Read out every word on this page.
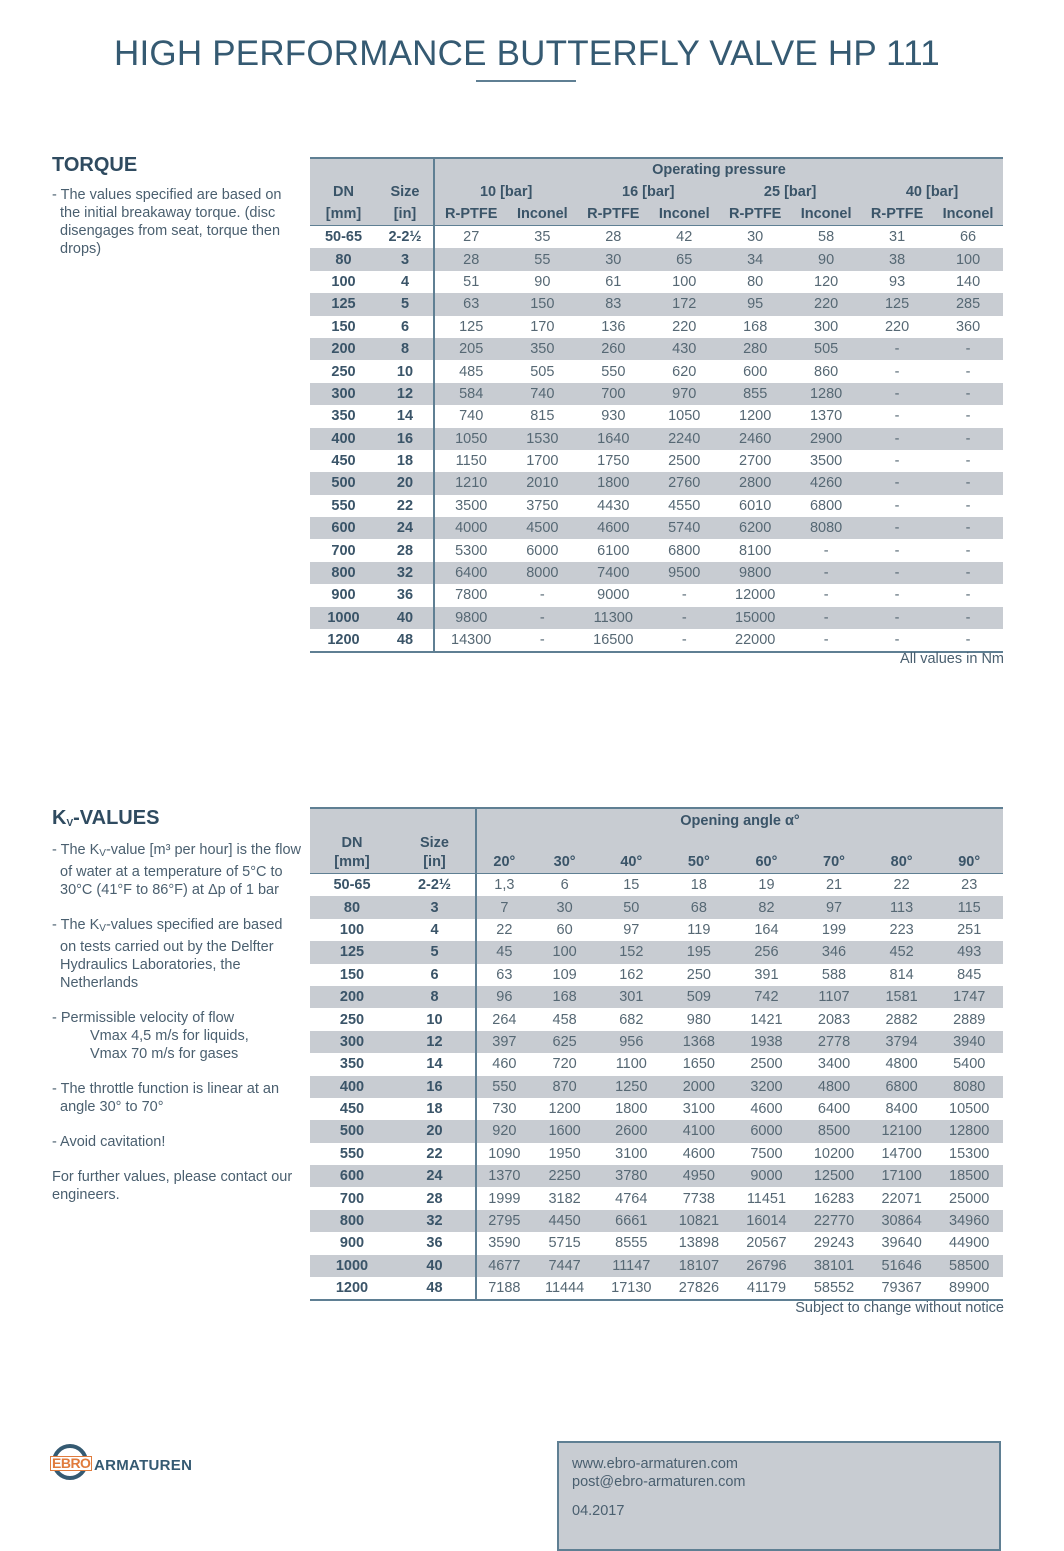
HIGH PERFORMANCE BUTTERFLY VALVE HP 111
TORQUE

- The values specified are based on the initial breakaway torque. (disc disengages from seat, torque then drops)

		Operating pressure							
DN	Size	10 [bar]		16 [bar]		25 [bar]		40 [bar]	
[mm]	[in]	R-PTFE	Inconel	R-PTFE	Inconel	R-PTFE	Inconel	R-PTFE	Inconel
50-65	2-2½	27	35	28	42	30	58	31	66
80	3	28	55	30	65	34	90	38	100
100	4	51	90	61	100	80	120	93	140
125	5	63	150	83	172	95	220	125	285
150	6	125	170	136	220	168	300	220	360
200	8	205	350	260	430	280	505	-	-
250	10	485	505	550	620	600	860	-	-
300	12	584	740	700	970	855	1280	-	-
350	14	740	815	930	1050	1200	1370	-	-
400	16	1050	1530	1640	2240	2460	2900	-	-
450	18	1150	1700	1750	2500	2700	3500	-	-
500	20	1210	2010	1800	2760	2800	4260	-	-
550	22	3500	3750	4430	4550	6010	6800	-	-
600	24	4000	4500	4600	5740	6200	8080	-	-
700	28	5300	6000	6100	6800	8100	-	-	-
800	32	6400	8000	7400	9500	9800	-	-	-
900	36	7800	-	9000	-	12000	-	-	-
1000	40	9800	-	11300	-	15000	-	-	-
1200	48	14300	-	16500	-	22000	-	-	-
All values in Nm
$K_V$-VALUES

- The $K_V$-value [m³ per hour] is the flow of water at a temperature of 5°C to 30°C (41°F to 86°F) at Δp of 1 bar

- The $K_V$-values specified are based on tests carried out by the Delfter Hydraulics Laboratories, the Netherlands

- Permissible velocity of flow
Vmax 4,5 m/s for liquids,
Vmax 70 m/s for gases

- The throttle function is linear at an angle 30° to 70°

- Avoid cavitation!

For further values, please contact our engineers.

DN	Size	Opening angle α°							

[mm]	[in]	20°	30°	40°	50°	60°	70°	80°	90°
50-65	2-2½	1,3	6	15	18	19	21	22	23
80	3	7	30	50	68	82	97	113	115
100	4	22	60	97	119	164	199	223	251
125	5	45	100	152	195	256	346	452	493
150	6	63	109	162	250	391	588	814	845
200	8	96	168	301	509	742	1107	1581	1747
250	10	264	458	682	980	1421	2083	2882	2889
300	12	397	625	956	1368	1938	2778	3794	3940
350	14	460	720	1100	1650	2500	3400	4800	5400
400	16	550	870	1250	2000	3200	4800	6800	8080
450	18	730	1200	1800	3100	4600	6400	8400	10500
500	20	920	1600	2600	4100	6000	8500	12100	12800
550	22	1090	1950	3100	4600	7500	10200	14700	15300
600	24	1370	2250	3780	4950	9000	12500	17100	18500
700	28	1999	3182	4764	7738	11451	16283	22071	25000
800	32	2795	4450	6661	10821	16014	22770	30864	34960
900	36	3590	5715	8555	13898	20567	29243	39640	44900
1000	40	4677	7447	11147	18107	26796	38101	51646	58500
1200	48	7188	11444	17130	27826	41179	58552	79367	89900
Subject to change without notice
EBRO ARMATUREN	www.ebro-armaturen.com
post@ebro-armaturen.com
04.2017
